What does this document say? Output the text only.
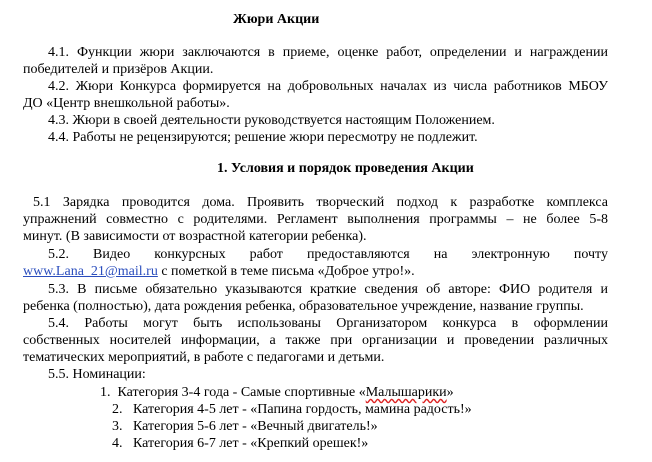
Жюри Акции
4.1. Функции жюри заключаются в приеме, оценке работ, определении и награждении
победителей и призёров Акции.
4.2. Жюри Конкурса формируется на добровольных началах из числа работников МБОУ
ДО «Центр внешкольной работы».
4.3. Жюри в своей деятельности руководствуется настоящим Положением.
4.4. Работы не рецензируются; решение жюри пересмотру не подлежит.
1. Условия и порядок проведения Акции
5.1 Зарядка проводится дома. Проявить творческий подход к разработке комплекса
упражнений совместно с родителями. Регламент выполнения программы – не более 5-8
минут. (В зависимости от возрастной категории ребенка).
5.2. Видео конкурсных работ предоставляются на электронную почту
www.Lana_21@mail.ru с пометкой в теме письма «Доброе утро!».
5.3. В письме обязательно указываются краткие сведения об авторе: ФИО родителя и
ребенка (полностью), дата рождения ребенка, образовательное учреждение, название группы.
5.4. Работы могут быть использованы Организатором конкурса в оформлении
собственных носителей информации, а также при организации и проведении различных
тематических мероприятий, в работе с педагогами и детьми.
5.5. Номинации:
1. Категория 3-4 года - Самые спортивные «Малышарики»
2. Категория 4-5 лет - «Папина гордость, мамина радость!»
3. Категория 5-6 лет - «Вечный двигатель!»
4. Категория 6-7 лет - «Крепкий орешек!»
